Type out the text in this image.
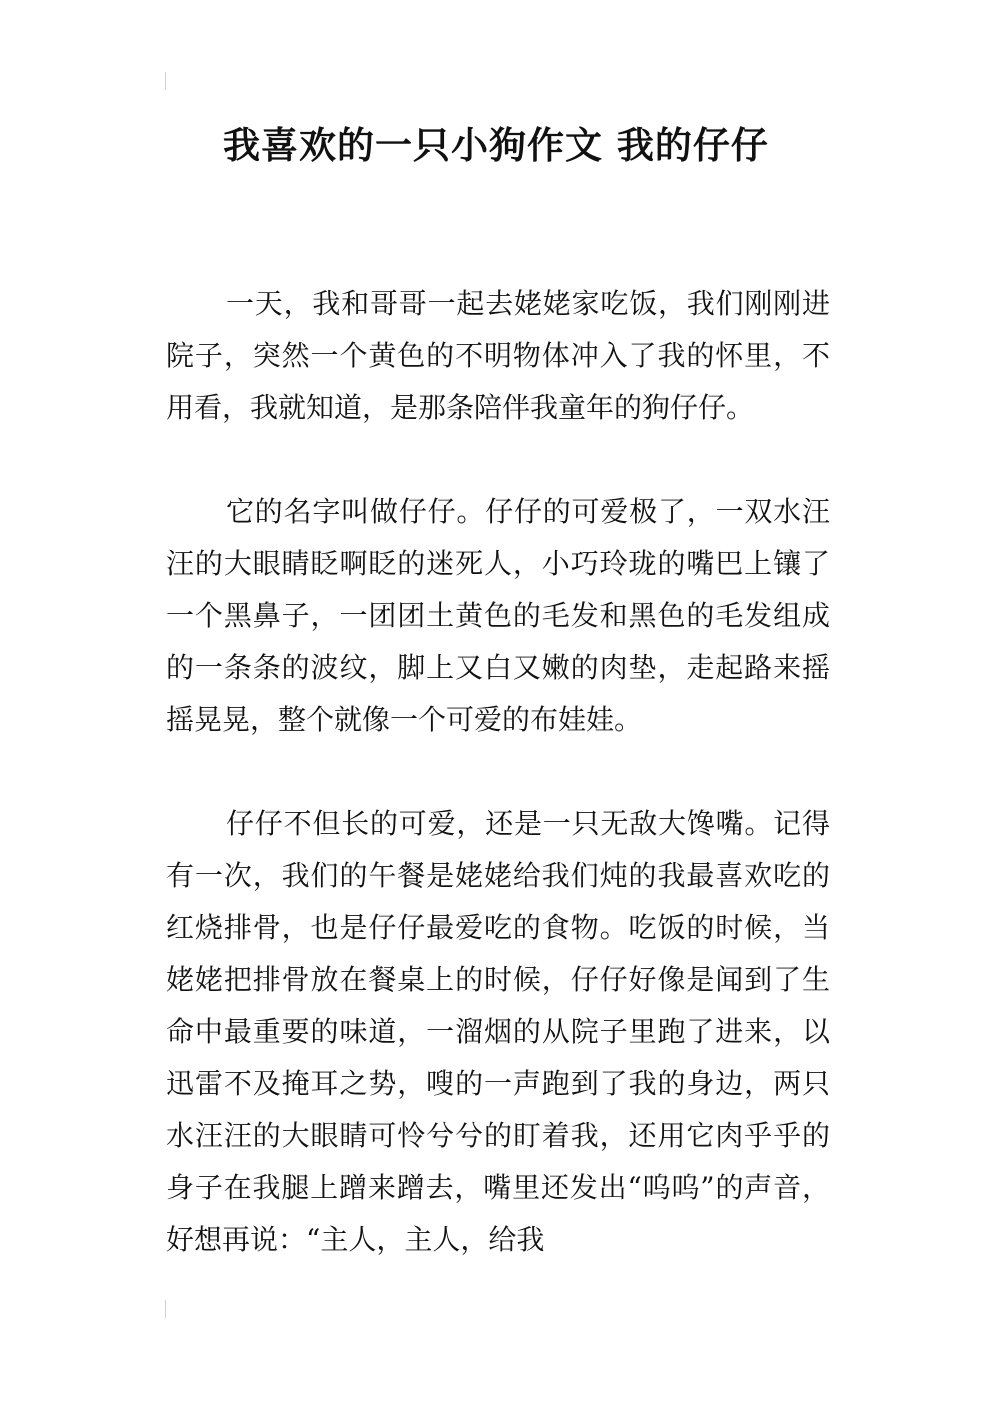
我喜欢的一只小狗作文 我的仔仔

一天，我和哥哥一起去姥姥家吃饭，我们刚刚进院子，突然一个黄色的不明物体冲入了我的怀里，不用看，我就知道，是那条陪伴我童年的狗仔仔。

它的名字叫做仔仔。仔仔的可爱极了，一双水汪汪的大眼睛眨啊眨的迷死人，小巧玲珑的嘴巴上镶了一个黑鼻子，一团团土黄色的毛发和黑色的毛发组成的一条条的波纹，脚上又白又嫩的肉垫，走起路来摇摇晃晃，整个就像一个可爱的布娃娃。

仔仔不但长的可爱，还是一只无敌大馋嘴。记得有一次，我们的午餐是姥姥给我们炖的我最喜欢吃的红烧排骨，也是仔仔最爱吃的食物。吃饭的时候，当姥姥把排骨放在餐桌上的时候，仔仔好像是闻到了生命中最重要的味道，一溜烟的从院子里跑了进来，以迅雷不及掩耳之势，嗖的一声跑到了我的身边，两只水汪汪的大眼睛可怜兮兮的盯着我，还用它肉乎乎的身子在我腿上蹭来蹭去，嘴里还发出“呜呜”的声音，好想再说：“主人，主人，给我
